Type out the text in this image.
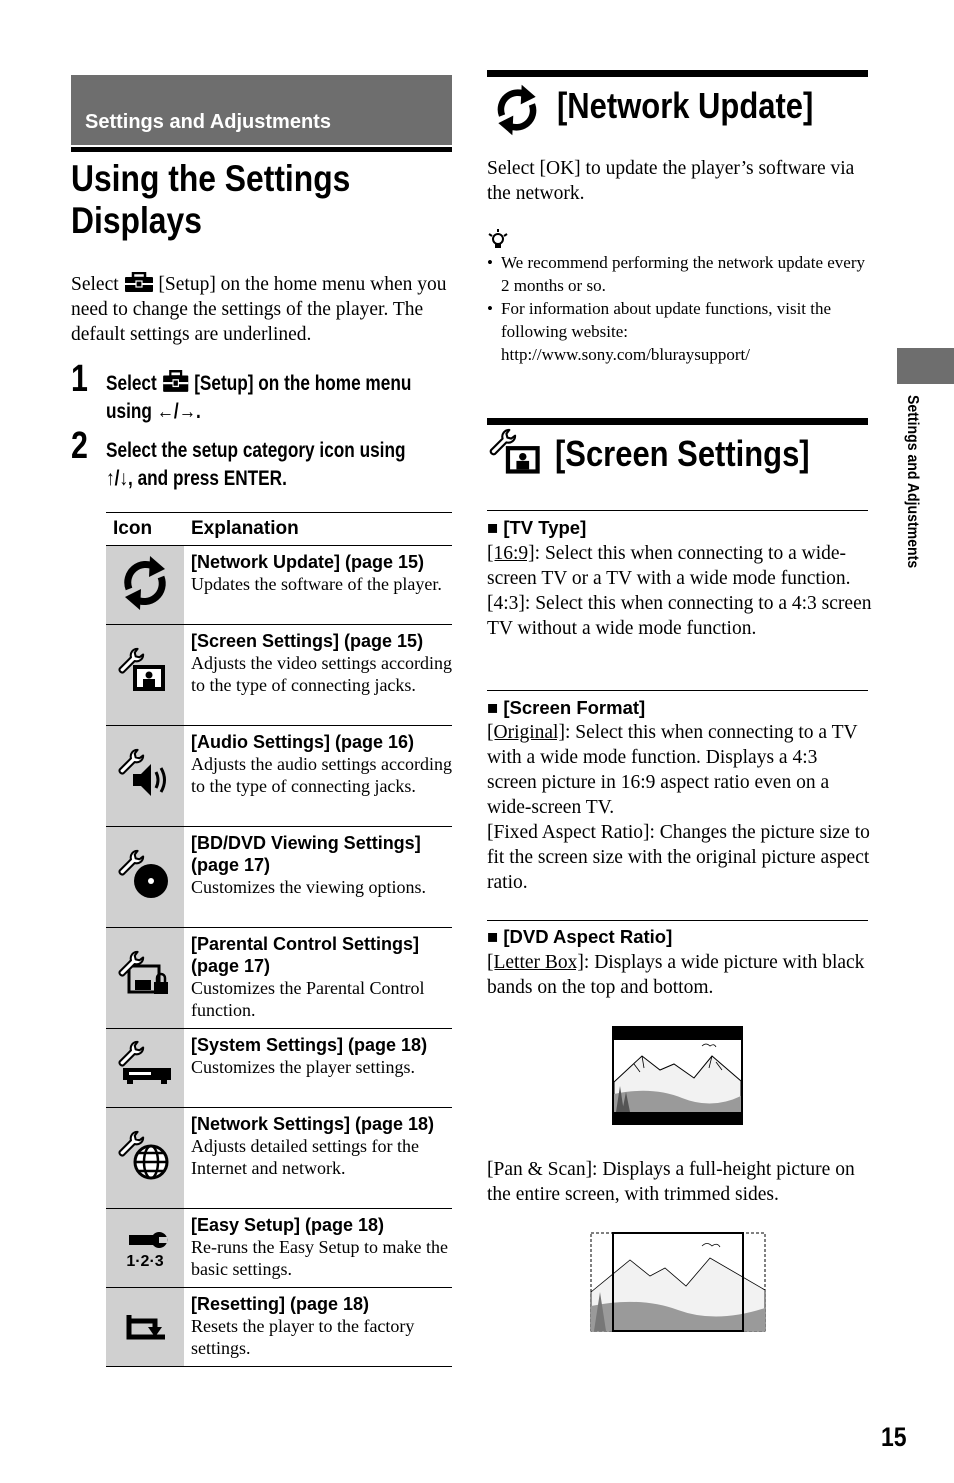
Settings and Adjustments
Using the Settings
Displays
Select [Setup] on the home menu when you need to change the settings of the player. The default settings are underlined.
1 Select [Setup] on the home menu
using ←/→.
2 Select the setup category icon using
↑/↓, and press ENTER.
Icon	Explanation

[Network Update] (page 15)
Updates the software of the player.

[Screen Settings] (page 15)
Adjusts the video settings according to the type of connecting jacks.

[Audio Settings] (page 16)
Adjusts the audio settings according to the type of connecting jacks.

[BD/DVD Viewing Settings] (page 17)
Customizes the viewing options.

[Parental Control Settings] (page 17)
Customizes the Parental Control function.

[System Settings] (page 18)
Customizes the player settings.

[Network Settings] (page 18)
Adjusts detailed settings for the Internet and network.

1·2·3	[Easy Setup] (page 18)
Re-runs the Easy Setup to make the basic settings.

[Resetting] (page 18)
Resets the player to the factory settings.
[Network Update]
Select [OK] to update the player’s software via the network.
• We recommend performing the network update every 2 months or so.
• For information about update functions, visit the following website:
http://www.sony.com/bluraysupport/
[Screen Settings]
■ [TV Type]
[16:9]: Select this when connecting to a wide-screen TV or a TV with a wide mode function.
[4:3]: Select this when connecting to a 4:3 screen TV without a wide mode function.
■ [Screen Format]
[Original]: Select this when connecting to a TV with a wide mode function. Displays a 4:3 screen picture in 16:9 aspect ratio even on a wide-screen TV.
[Fixed Aspect Ratio]: Changes the picture size to fit the screen size with the original picture aspect ratio.
■ [DVD Aspect Ratio]
[Letter Box]: Displays a wide picture with black bands on the top and bottom.
[Pan & Scan]: Displays a full-height picture on the entire screen, with trimmed sides.
Settings and Adjustments
15
